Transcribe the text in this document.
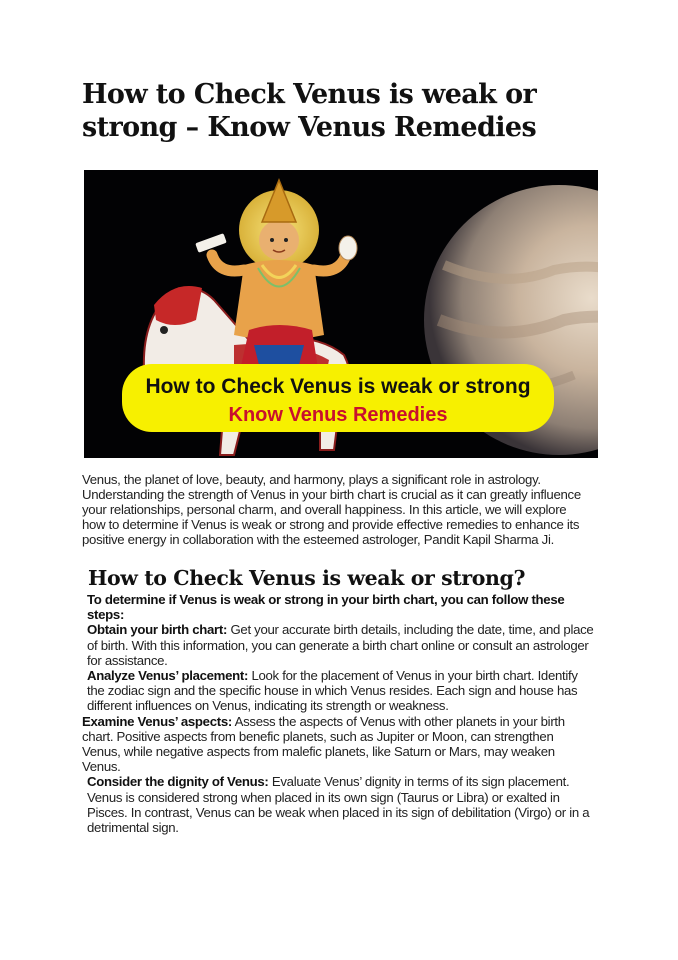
How to Check Venus is weak or strong – Know Venus Remedies
How to Check Venus is weak or strong
Know Venus Remedies

Venus, the planet of love, beauty, and harmony, plays a significant role in astrology. Understanding the strength of Venus in your birth chart is crucial as it can greatly influence your relationships, personal charm, and overall happiness. In this article, we will explore how to determine if Venus is weak or strong and provide effective remedies to enhance its positive energy in collaboration with the esteemed astrologer, Pandit Kapil Sharma Ji.

How to Check Venus is weak or strong?

To determine if Venus is weak or strong in your birth chart, you can follow these steps:

Obtain your birth chart: Get your accurate birth details, including the date, time, and place of birth. With this information, you can generate a birth chart online or consult an astrologer for assistance.

Analyze Venus’ placement: Look for the placement of Venus in your birth chart. Identify the zodiac sign and the specific house in which Venus resides. Each sign and house has different influences on Venus, indicating its strength or weakness.

Examine Venus’ aspects: Assess the aspects of Venus with other planets in your birth chart. Positive aspects from benefic planets, such as Jupiter or Moon, can strengthen Venus, while negative aspects from malefic planets, like Saturn or Mars, may weaken Venus.

Consider the dignity of Venus: Evaluate Venus’ dignity in terms of its sign placement. Venus is considered strong when placed in its own sign (Taurus or Libra) or exalted in Pisces. In contrast, Venus can be weak when placed in its sign of debilitation (Virgo) or in a detrimental sign.
